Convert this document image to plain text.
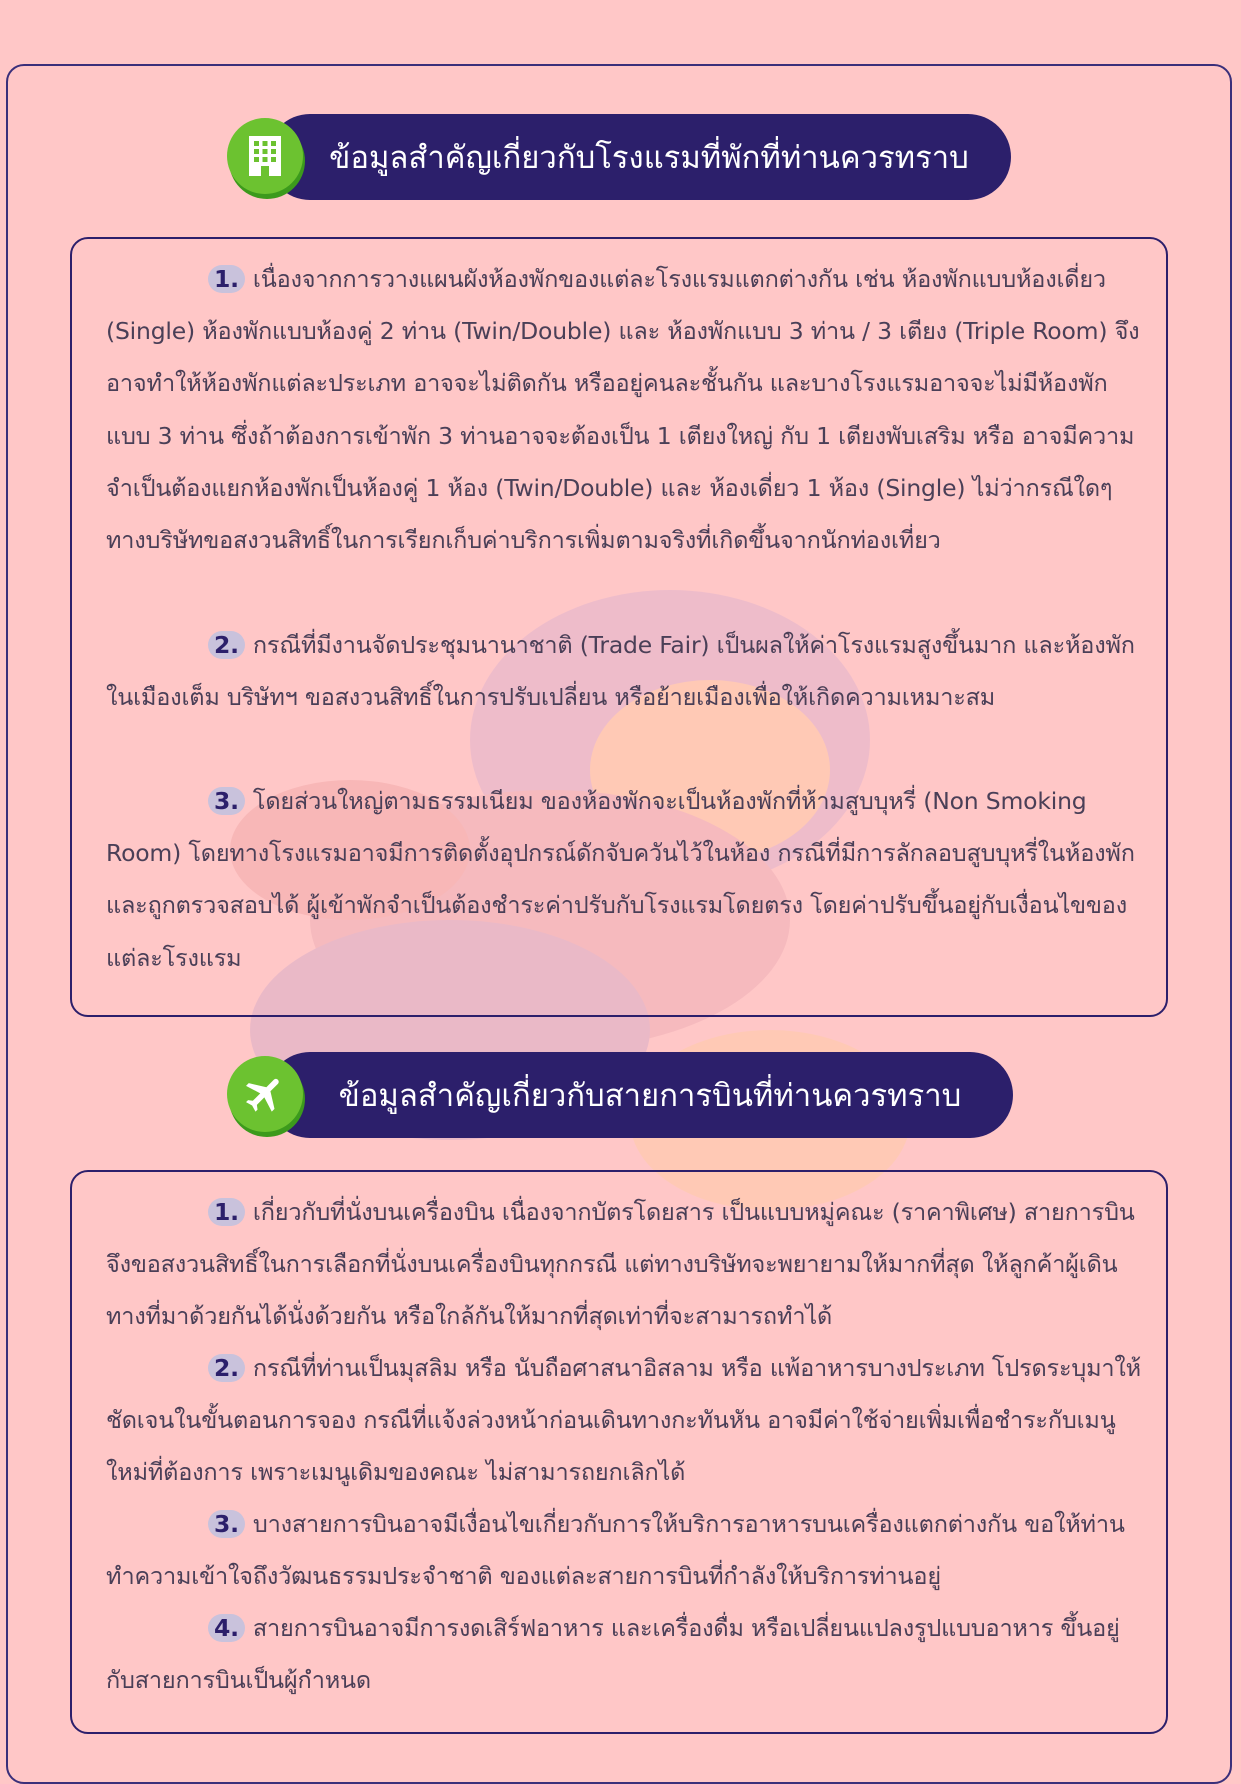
ข้อมูลสำคัญเกี่ยวกับโรงแรมที่พักที่ท่านควรทราบ

1. เนื่องจากการวางแผนผังห้องพักของแต่ละโรงแรมแตกต่างกัน เช่น ห้องพักแบบห้องเดี่ยว (Single) ห้องพักแบบห้องคู่ 2 ท่าน (Twin/Double) และ ห้องพักแบบ 3 ท่าน / 3 เตียง (Triple Room) จึงอาจทำให้ห้องพักแต่ละประเภท อาจจะไม่ติดกัน หรืออยู่คนละชั้นกัน และบางโรงแรมอาจจะไม่มีห้องพักแบบ 3 ท่าน ซึ่งถ้าต้องการเข้าพัก 3 ท่านอาจจะต้องเป็น 1 เตียงใหญ่ กับ 1 เตียงพับเสริม หรือ อาจมีความจำเป็นต้องแยกห้องพักเป็นห้องคู่ 1 ห้อง (Twin/Double) และ ห้องเดี่ยว 1 ห้อง (Single) ไม่ว่ากรณีใดๆ ทางบริษัทขอสงวนสิทธิ์ในการเรียกเก็บค่าบริการเพิ่มตามจริงที่เกิดขึ้นจากนักท่องเที่ยว

2. กรณีที่มีงานจัดประชุมนานาชาติ (Trade Fair) เป็นผลให้ค่าโรงแรมสูงขึ้นมาก และห้องพักในเมืองเต็ม บริษัทฯ ขอสงวนสิทธิ์ในการปรับเปลี่ยน หรือย้ายเมืองเพื่อให้เกิดความเหมาะสม

3. โดยส่วนใหญ่ตามธรรมเนียม ของห้องพักจะเป็นห้องพักที่ห้ามสูบบุหรี่ (Non Smoking Room) โดยทางโรงแรมอาจมีการติดตั้งอุปกรณ์ดักจับควันไว้ในห้อง กรณีที่มีการลักลอบสูบบุหรี่ในห้องพัก และถูกตรวจสอบได้ ผู้เข้าพักจำเป็นต้องชำระค่าปรับกับโรงแรมโดยตรง โดยค่าปรับขึ้นอยู่กับเงื่อนไขของแต่ละโรงแรม

ข้อมูลสำคัญเกี่ยวกับสายการบินที่ท่านควรทราบ

1. เกี่ยวกับที่นั่งบนเครื่องบิน เนื่องจากบัตรโดยสาร เป็นแบบหมู่คณะ (ราคาพิเศษ) สายการบินจึงขอสงวนสิทธิ์ในการเลือกที่นั่งบนเครื่องบินทุกกรณี แต่ทางบริษัทจะพยายามให้มากที่สุด ให้ลูกค้าผู้เดินทางที่มาด้วยกันได้นั่งด้วยกัน หรือใกล้กันให้มากที่สุดเท่าที่จะสามารถทำได้

2. กรณีที่ท่านเป็นมุสลิม หรือ นับถือศาสนาอิสลาม หรือ แพ้อาหารบางประเภท โปรดระบุมาให้ชัดเจนในขั้นตอนการจอง กรณีที่แจ้งล่วงหน้าก่อนเดินทางกะทันหัน อาจมีค่าใช้จ่ายเพิ่มเพื่อชำระกับเมนูใหม่ที่ต้องการ เพราะเมนูเดิมของคณะ ไม่สามารถยกเลิกได้

3. บางสายการบินอาจมีเงื่อนไขเกี่ยวกับการให้บริการอาหารบนเครื่องแตกต่างกัน ขอให้ท่านทำความเข้าใจถึงวัฒนธรรมประจำชาติ ของแต่ละสายการบินที่กำลังให้บริการท่านอยู่

4. สายการบินอาจมีการงดเสิร์ฟอาหาร และเครื่องดื่ม หรือเปลี่ยนแปลงรูปแบบอาหาร ขึ้นอยู่กับสายการบินเป็นผู้กำหนด
